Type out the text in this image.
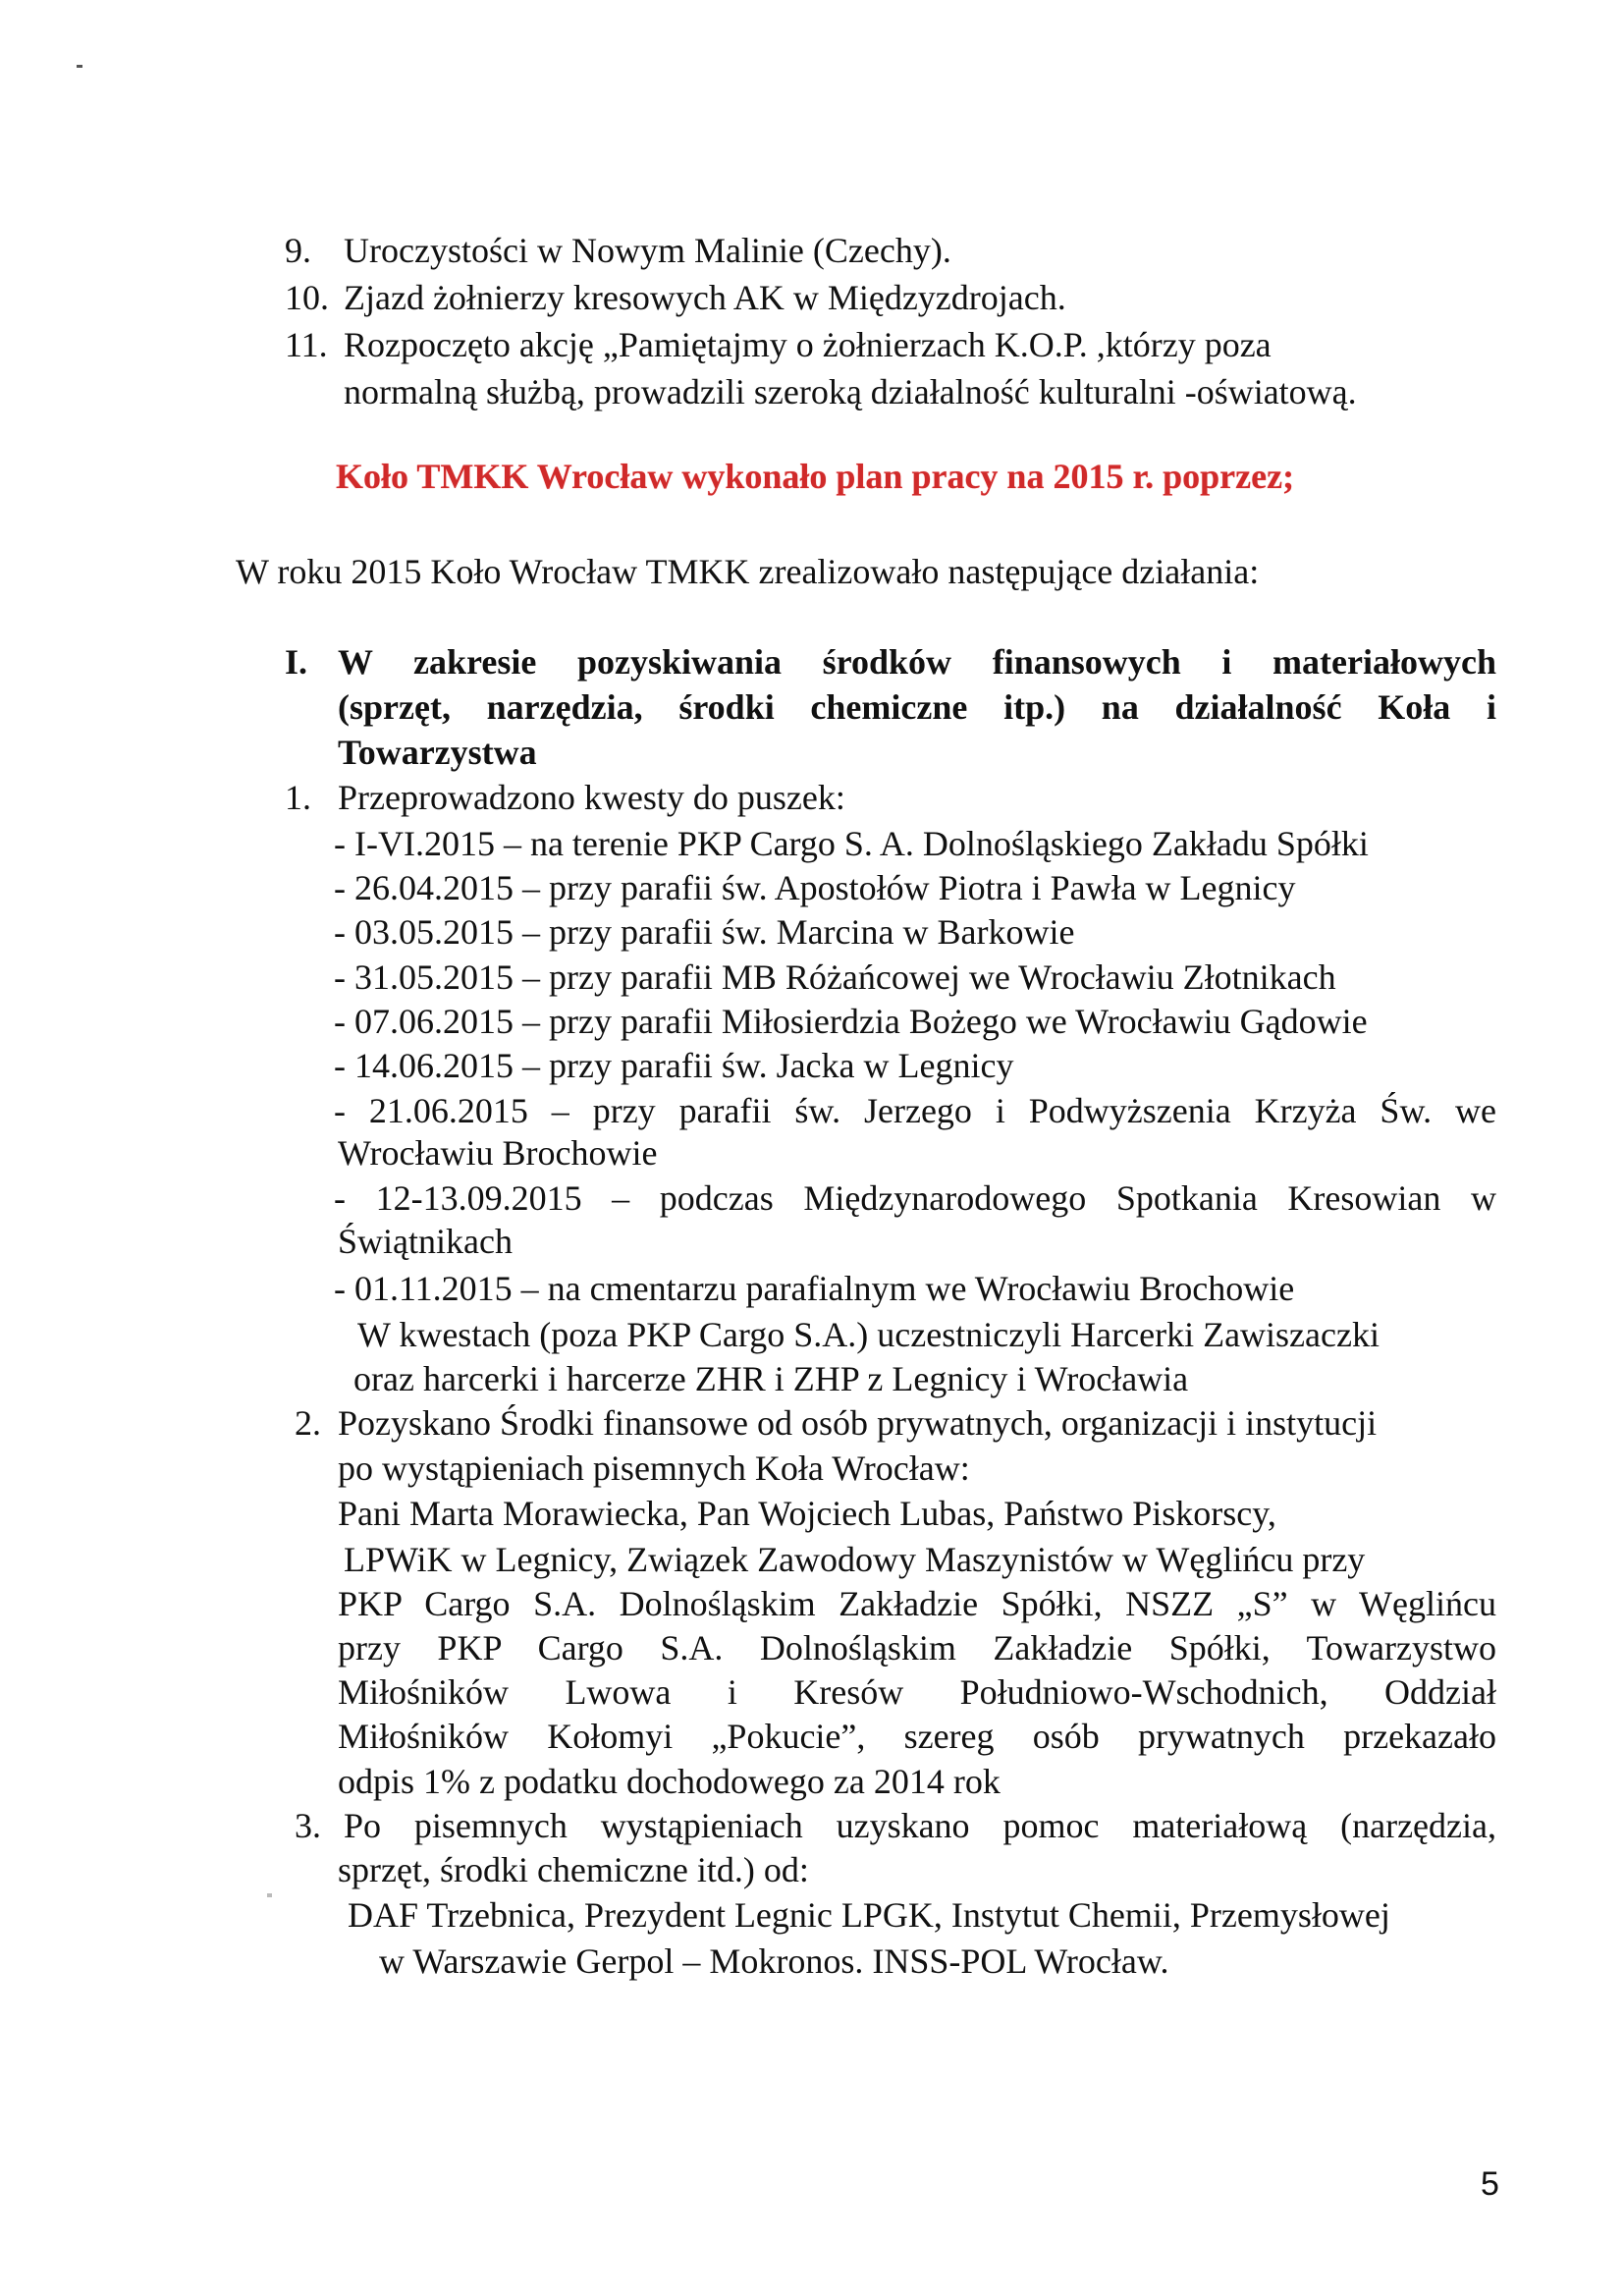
9. Uroczystości w Nowym Malinie (Czechy).
10. Zjazd żołnierzy kresowych AK w Międzyzdrojach.
11. Rozpoczęto akcję „Pamiętajmy o żołnierzach K.O.P. ,którzy poza
normalną służbą, prowadzili szeroką działalność kulturalni -oświatową.
Koło TMKK Wrocław wykonało plan pracy na 2015 r. poprzez;
W roku 2015 Koło Wrocław TMKK zrealizowało następujące działania:
I. W zakresie pozyskiwania środków finansowych i materiałowych
(sprzęt, narzędzia, środki chemiczne itp.) na działalność Koła i
Towarzystwa
1. Przeprowadzono kwesty do puszek:
- I-VI.2015 – na terenie PKP Cargo S. A. Dolnośląskiego Zakładu Spółki
- 26.04.2015 – przy parafii św. Apostołów Piotra i Pawła w Legnicy
- 03.05.2015 – przy parafii św. Marcina w Barkowie
- 31.05.2015 – przy parafii MB Różańcowej we Wrocławiu Złotnikach
- 07.06.2015 – przy parafii Miłosierdzia Bożego we Wrocławiu Gądowie
- 14.06.2015 – przy parafii św. Jacka w Legnicy
- 21.06.2015 – przy parafii św. Jerzego i Podwyższenia Krzyża Św. we
Wrocławiu Brochowie
- 12-13.09.2015 – podczas Międzynarodowego Spotkania Kresowian w
Świątnikach
- 01.11.2015 – na cmentarzu parafialnym we Wrocławiu Brochowie
W kwestach (poza PKP Cargo S.A.) uczestniczyli Harcerki Zawiszaczki
oraz harcerki i harcerze ZHR i ZHP z Legnicy i Wrocławia
2. Pozyskano Środki finansowe od osób prywatnych, organizacji i instytucji
po wystąpieniach pisemnych Koła Wrocław:
Pani Marta Morawiecka, Pan Wojciech Lubas, Państwo Piskorscy,
LPWiK w Legnicy, Związek Zawodowy Maszynistów w Węglińcu przy
PKP Cargo S.A. Dolnośląskim Zakładzie Spółki, NSZZ „S” w Węglińcu
przy PKP Cargo S.A. Dolnośląskim Zakładzie Spółki, Towarzystwo
Miłośników Lwowa i Kresów Południowo-Wschodnich, Oddział
Miłośników Kołomyi „Pokucie”, szereg osób prywatnych przekazało
odpis 1% z podatku dochodowego za 2014 rok
3. Po pisemnych wystąpieniach uzyskano pomoc materiałową (narzędzia,
sprzęt, środki chemiczne itd.) od:
DAF Trzebnica, Prezydent Legnic LPGK, Instytut Chemii, Przemysłowej
w Warszawie Gerpol – Mokronos. INSS-POL Wrocław.
5
